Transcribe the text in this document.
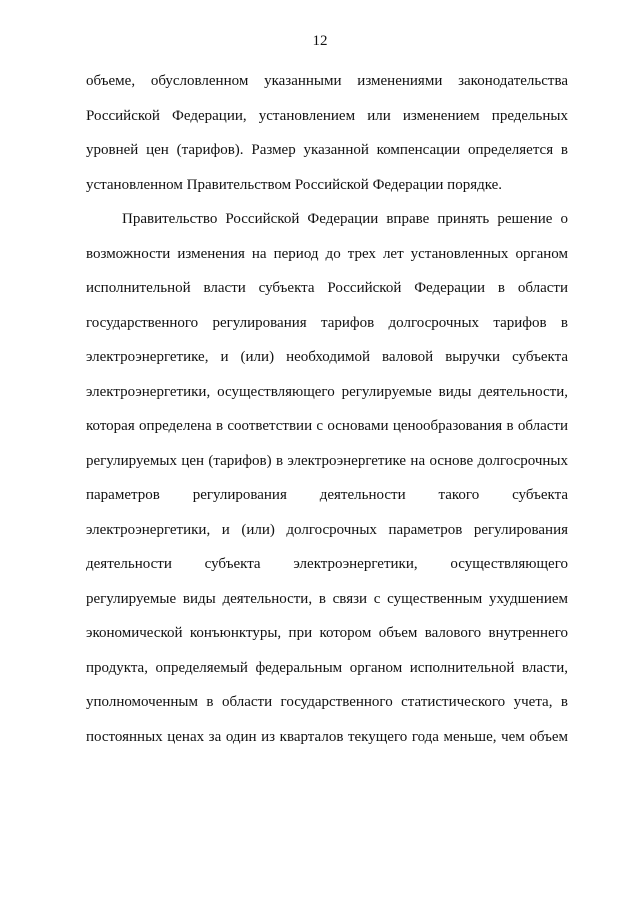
12
объеме, обусловленном указанными изменениями законодательства
Российской Федерации, установлением или изменением предельных
уровней цен (тарифов). Размер указанной компенсации определяется в
установленном Правительством Российской Федерации порядке.
Правительство Российской Федерации вправе принять решение о
возможности изменения на период до трех лет установленных органом
исполнительной власти субъекта Российской Федерации в области
государственного регулирования тарифов долгосрочных тарифов в
электроэнергетике, и (или) необходимой валовой выручки субъекта
электроэнергетики, осуществляющего регулируемые виды деятельности,
которая определена в соответствии с основами ценообразования в области
регулируемых цен (тарифов) в электроэнергетике на основе долгосрочных
параметров регулирования деятельности такого субъекта
электроэнергетики, и (или) долгосрочных параметров регулирования
деятельности субъекта электроэнергетики, осуществляющего
регулируемые виды деятельности, в связи с существенным ухудшением
экономической конъюнктуры, при котором объем валового внутреннего
продукта, определяемый федеральным органом исполнительной власти,
уполномоченным в области государственного статистического учета, в
постоянных ценах за один из кварталов текущего года меньше, чем объем
